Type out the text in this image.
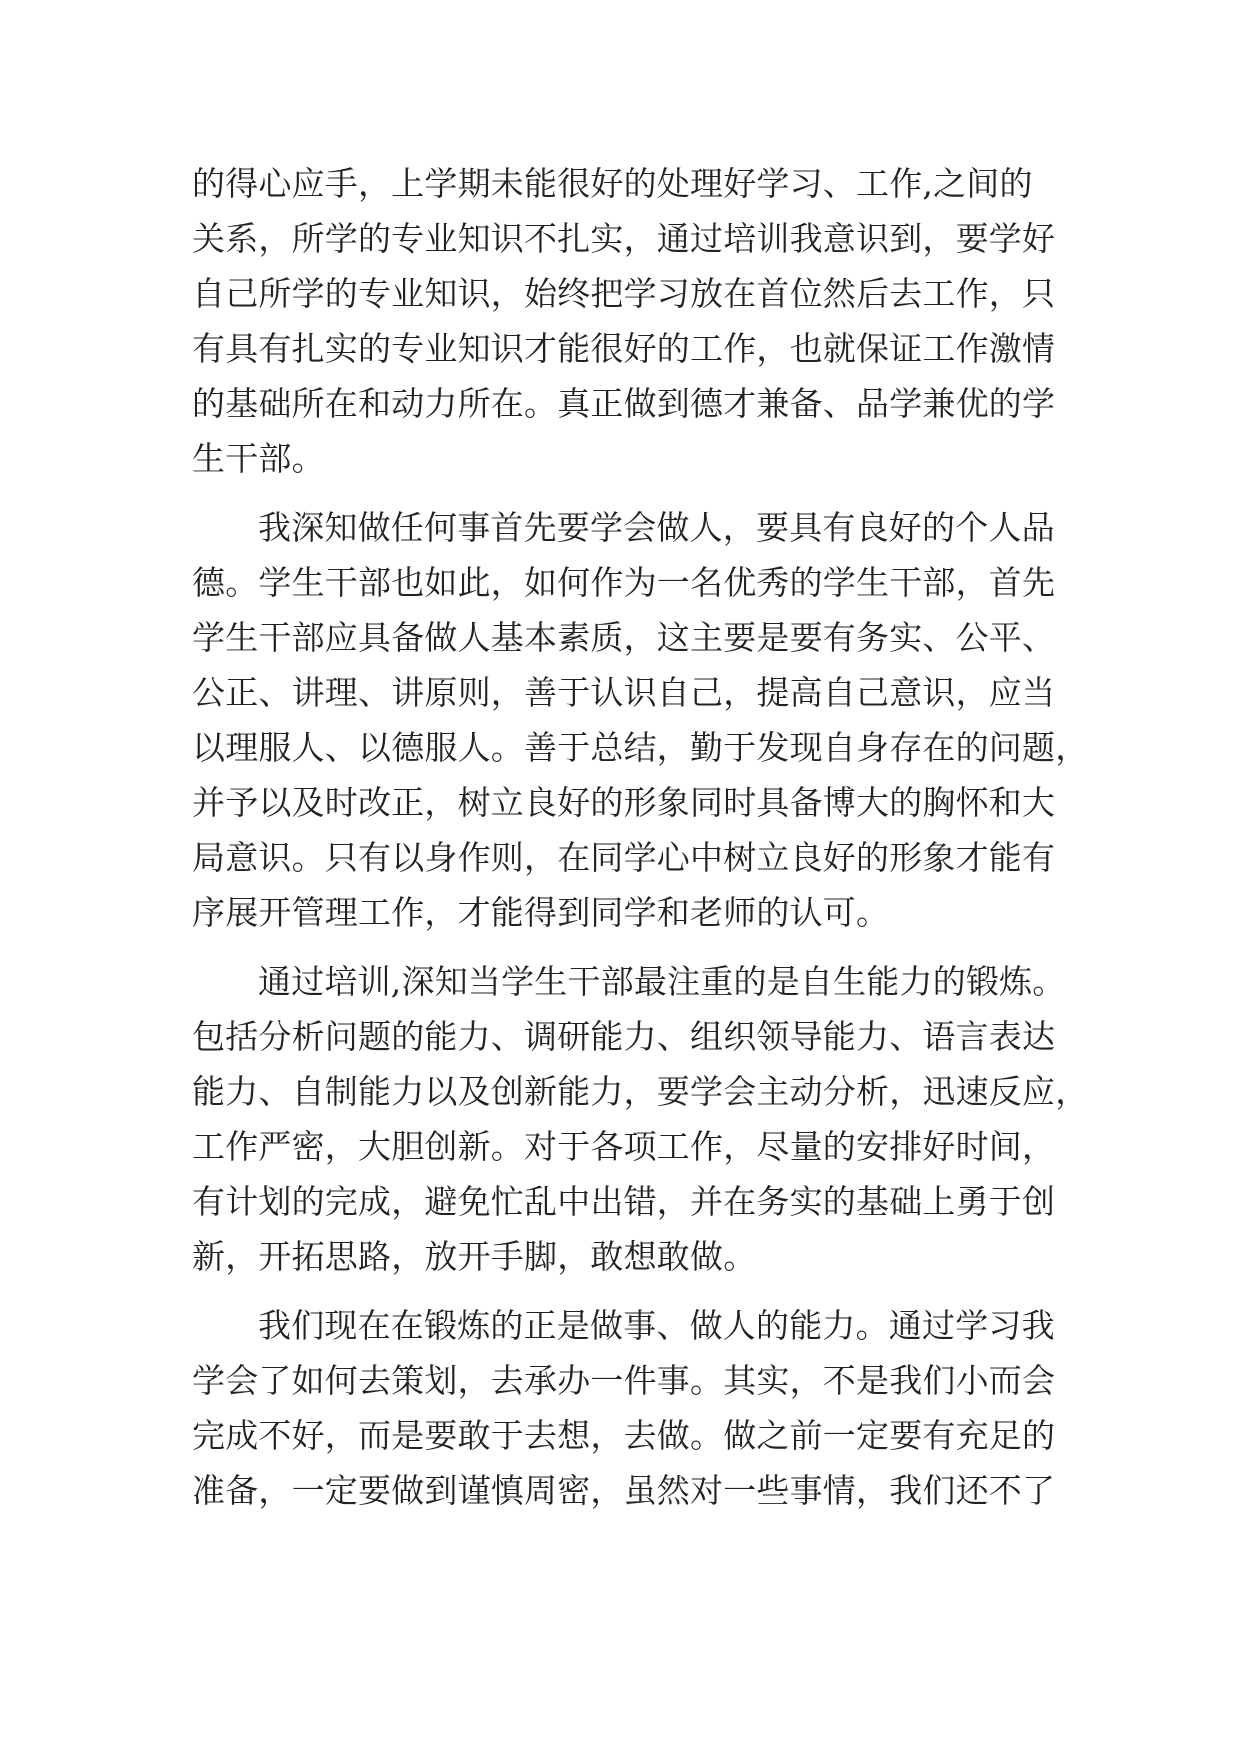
的得心应手，上学期未能很好的处理好学习、工作,之间的
关系，所学的专业知识不扎实，通过培训我意识到，要学好
自己所学的专业知识，始终把学习放在首位然后去工作，只
有具有扎实的专业知识才能很好的工作，也就保证工作激情
的基础所在和动力所在。真正做到德才兼备、品学兼优的学
生干部。
我深知做任何事首先要学会做人，要具有良好的个人品
德。学生干部也如此，如何作为一名优秀的学生干部，首先
学生干部应具备做人基本素质，这主要是要有务实、公平、
公正、讲理、讲原则，善于认识自己，提高自己意识，应当
以理服人、以德服人。善于总结，勤于发现自身存在的问题，
并予以及时改正，树立良好的形象同时具备博大的胸怀和大
局意识。只有以身作则，在同学心中树立良好的形象才能有
序展开管理工作，才能得到同学和老师的认可。
通过培训,深知当学生干部最注重的是自生能力的锻炼。
包括分析问题的能力、调研能力、组织领导能力、语言表达
能力、自制能力以及创新能力，要学会主动分析，迅速反应，
工作严密，大胆创新。对于各项工作，尽量的安排好时间，
有计划的完成，避免忙乱中出错，并在务实的基础上勇于创
新，开拓思路，放开手脚，敢想敢做。
我们现在在锻炼的正是做事、做人的能力。通过学习我
学会了如何去策划，去承办一件事。其实，不是我们小而会
完成不好，而是要敢于去想，去做。做之前一定要有充足的
准备，一定要做到谨慎周密，虽然对一些事情，我们还不了
